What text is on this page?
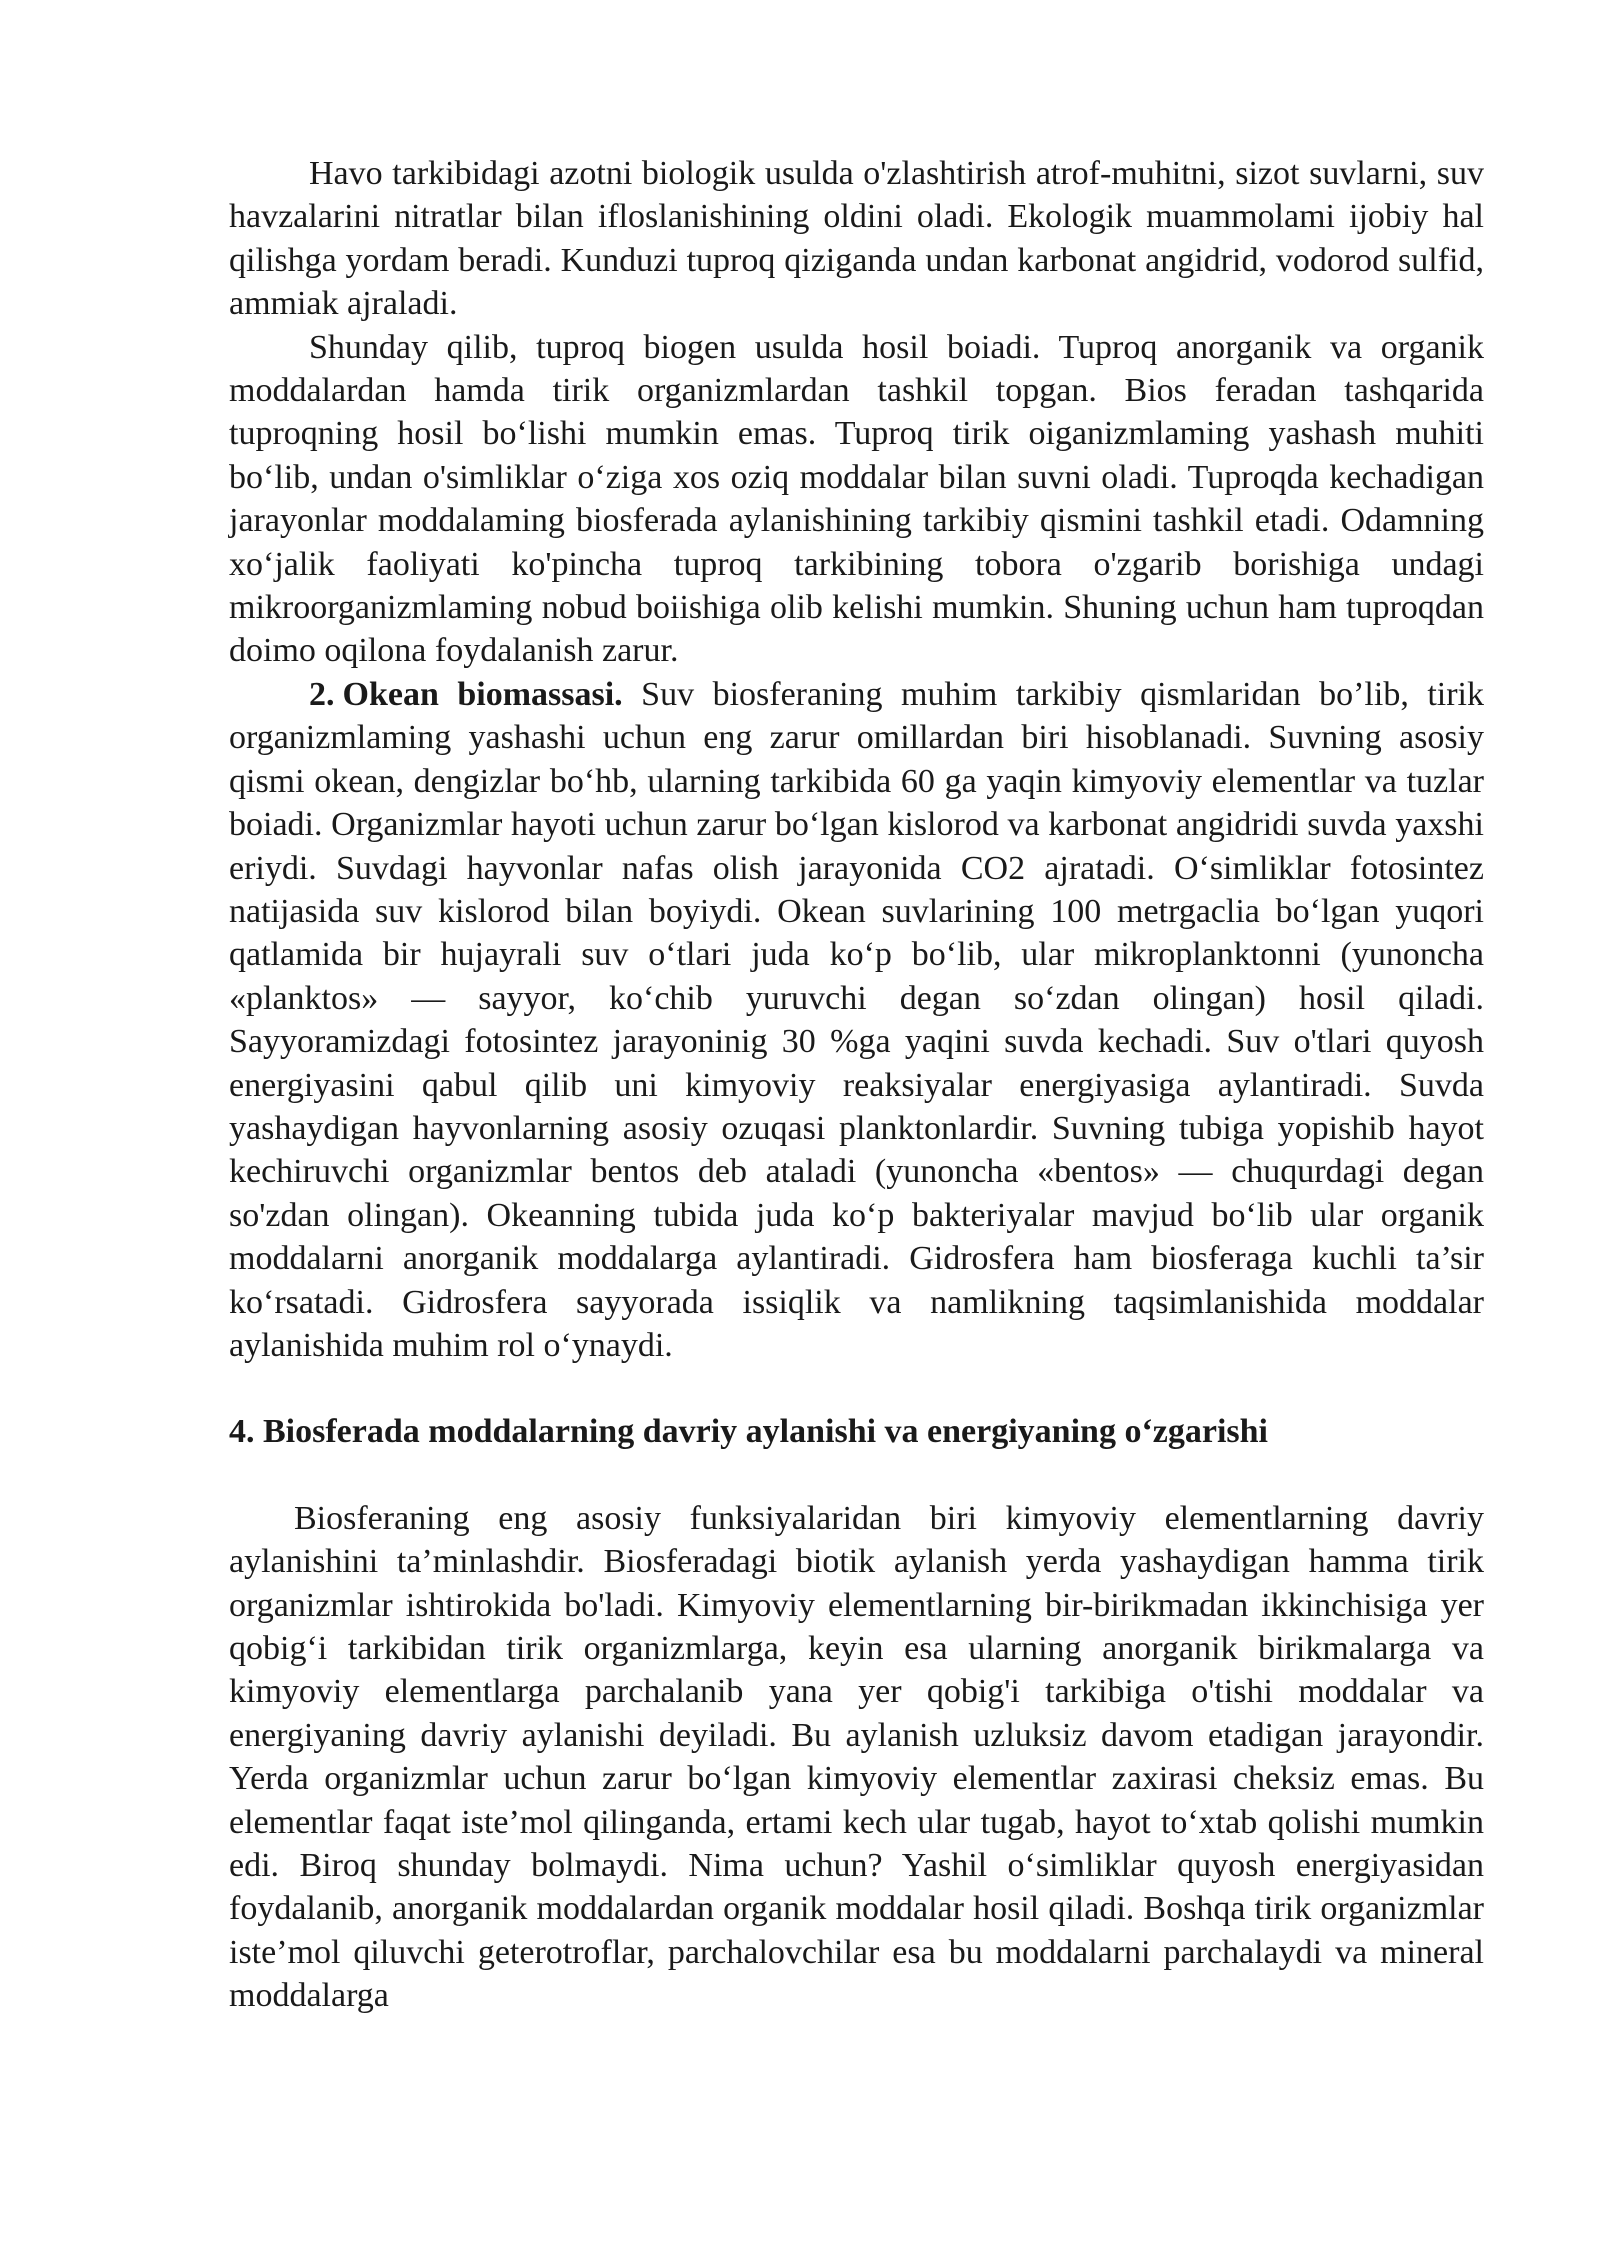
Havo tarkibidagi azotni biologik usulda o'zlashtirish atrof-muhitni, sizot suvlarni, suv havzalarini nitratlar bilan ifloslanishining oldini oladi. Ekologik muammolami ijobiy hal qilishga yordam beradi. Kunduzi tuproq qiziganda undan karbonat angidrid, vodorod sulfid, ammiak ajraladi.

Shunday qilib, tuproq biogen usulda hosil boiadi. Tuproq anorganik va organik moddalardan hamda tirik organizmlardan tashkil topgan. Bios feradan tashqarida tuproqning hosil bo‘lishi mumkin emas. Tuproq tirik oiganizmlaming yashash muhiti bo‘lib, undan o'simliklar o‘ziga xos oziq moddalar bilan suvni oladi. Tuproqda kechadigan jarayonlar moddalaming biosferada aylanishining tarkibiy qismini tashkil etadi. Odamning xo‘jalik faoliyati ko'pincha tuproq tarkibining tobora o'zgarib borishiga undagi mikroorganizmlaming nobud boiishiga olib kelishi mumkin. Shuning uchun ham tuproqdan doimo oqilona foydalanish zarur.

2. Okean biomassasi. Suv biosferaning muhim tarkibiy qismlaridan bo’lib, tirik organizmlaming yashashi uchun eng zarur omillardan biri hisoblanadi. Suvning asosiy qismi okean, dengizlar bo‘hb, ularning tarkibida 60 ga yaqin kimyoviy elementlar va tuzlar boiadi. Organizmlar hayoti uchun zarur bo‘lgan kislorod va karbonat angidridi suvda yaxshi eriydi. Suvdagi hayvonlar nafas olish jarayonida CO2 ajratadi. O‘simliklar fotosintez natijasida suv kislorod bilan boyiydi. Okean suvlarining 100 metrgaclia bo‘lgan yuqori qatlamida bir hujayrali suv o‘tlari juda ko‘p bo‘lib, ular mikroplanktonni (yunoncha «planktos» — sayyor, ko‘chib yuruvchi degan so‘zdan olingan) hosil qiladi. Sayyoramizdagi fotosintez jarayoninig 30 %ga yaqini suvda kechadi. Suv o'tlari quyosh energiyasini qabul qilib uni kimyoviy reaksiyalar energiyasiga aylantiradi. Suvda yashaydigan hayvonlarning asosiy ozuqasi planktonlardir. Suvning tubiga yopishib hayot kechiruvchi organizmlar bentos deb ataladi (yunoncha «bentos» — chuqurdagi degan so'zdan olingan). Okeanning tubida juda ko‘p bakteriyalar mavjud bo‘lib ular organik moddalarni anorganik moddalarga aylantiradi. Gidrosfera ham biosferaga kuchli ta’sir ko‘rsatadi. Gidrosfera sayyorada issiqlik va namlikning taqsimlanishida moddalar aylanishida muhim rol o‘ynaydi.

4. Biosferada moddalarning davriy aylanishi va energiyaning o‘zgarishi

Biosferaning eng asosiy funksiyalaridan biri kimyoviy elementlarning davriy aylanishini ta’minlashdir. Biosferadagi biotik aylanish yerda yashaydigan hamma tirik organizmlar ishtirokida bo'ladi. Kimyoviy elementlarning bir-birikmadan ikkinchisiga yer qobig‘i tarkibidan tirik organizmlarga, keyin esa ularning anorganik birikmalarga va kimyoviy elementlarga parchalanib yana yer qobig'i tarkibiga o'tishi moddalar va energiyaning davriy aylanishi deyiladi. Bu aylanish uzluksiz davom etadigan jarayondir. Yerda organizmlar uchun zarur bo‘lgan kimyoviy elementlar zaxirasi cheksiz emas. Bu elementlar faqat iste’mol qilinganda, ertami kech ular tugab, hayot to‘xtab qolishi mumkin edi. Biroq shunday bolmaydi. Nima uchun? Yashil o‘simliklar quyosh energiyasidan foydalanib, anorganik moddalardan organik moddalar hosil qiladi. Boshqa tirik organizmlar iste’mol qiluvchi geterotroflar, parchalovchilar esa bu moddalarni parchalaydi va mineral moddalarga
